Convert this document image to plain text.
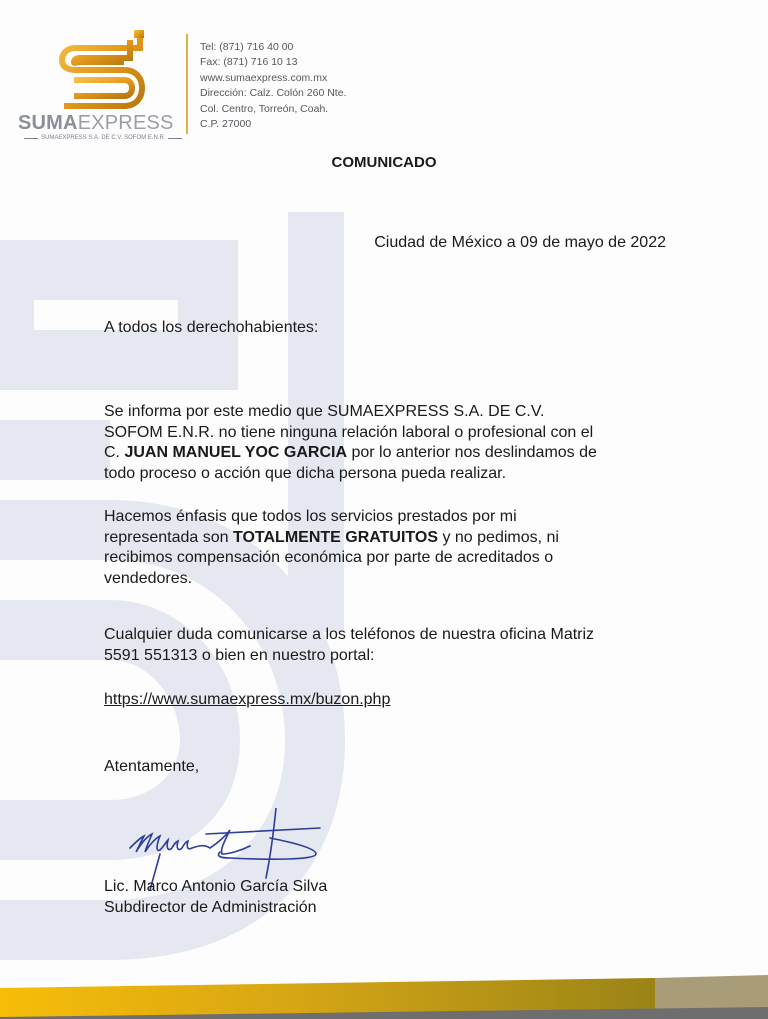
SUMAEXPRESS
SUMAEXPRESS S.A. DE C.V. SOFOM E.N.R.
Tel: (871) 716 40 00
Fax: (871) 716 10 13
www.sumaexpress.com.mx
Dirección: Calz. Colón 260 Nte.
Col. Centro, Torreón, Coah.
C.P. 27000
COMUNICADO
Ciudad de México a 09 de mayo de 2022
A todos los derechohabientes:
Se informa por este medio que SUMAEXPRESS S.A. DE C.V.
SOFOM E.N.R. no tiene ninguna relación laboral o profesional con el
C. JUAN MANUEL YOC GARCIA por lo anterior nos deslindamos de
todo proceso o acción que dicha persona pueda realizar.
Hacemos énfasis que todos los servicios prestados por mi
representada son TOTALMENTE GRATUITOS y no pedimos, ni
recibimos compensación económica por parte de acreditados o
vendedores.
Cualquier duda comunicarse a los teléfonos de nuestra oficina Matriz
5591 551313 o bien en nuestro portal:
https://www.sumaexpress.mx/buzon.php
Atentamente,
Lic. Marco Antonio García Silva
Subdirector de Administración
